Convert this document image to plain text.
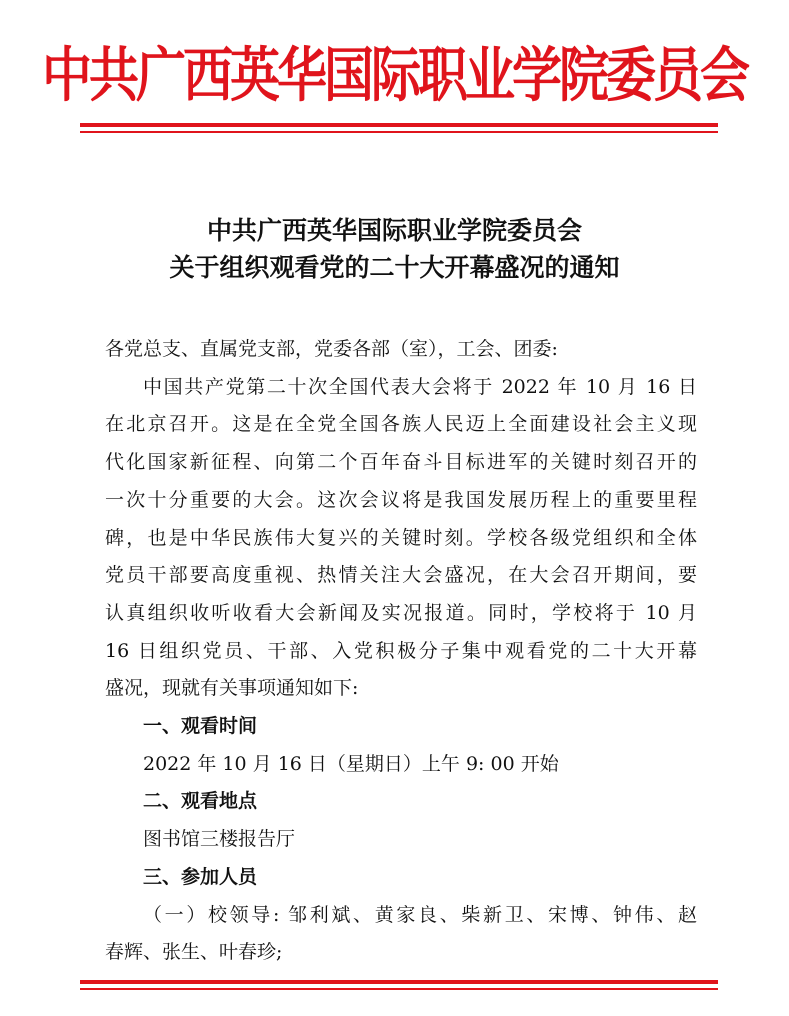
中共广西英华国际职业学院委员会
中共广西英华国际职业学院委员会
关于组织观看党的二十大开幕盛况的通知
各党总支、直属党支部，党委各部（室），工会、团委:
中国共产党第二十次全国代表大会将于 2022 年 10 月 16 日
在北京召开。这是在全党全国各族人民迈上全面建设社会主义现
代化国家新征程、向第二个百年奋斗目标进军的关键时刻召开的
一次十分重要的大会。这次会议将是我国发展历程上的重要里程
碑，也是中华民族伟大复兴的关键时刻。学校各级党组织和全体
党员干部要高度重视、热情关注大会盛况，在大会召开期间，要
认真组织收听收看大会新闻及实况报道。同时，学校将于 10 月
16 日组织党员、干部、入党积极分子集中观看党的二十大开幕
盛况，现就有关事项通知如下:
一、观看时间
2022 年 10 月 16 日（星期日）上午 9: 00 开始
二、观看地点
图书馆三楼报告厅
三、参加人员
（一）校领导: 邹利斌、黄家良、柴新卫、宋博、钟伟、赵
春辉、张生、叶春珍;
